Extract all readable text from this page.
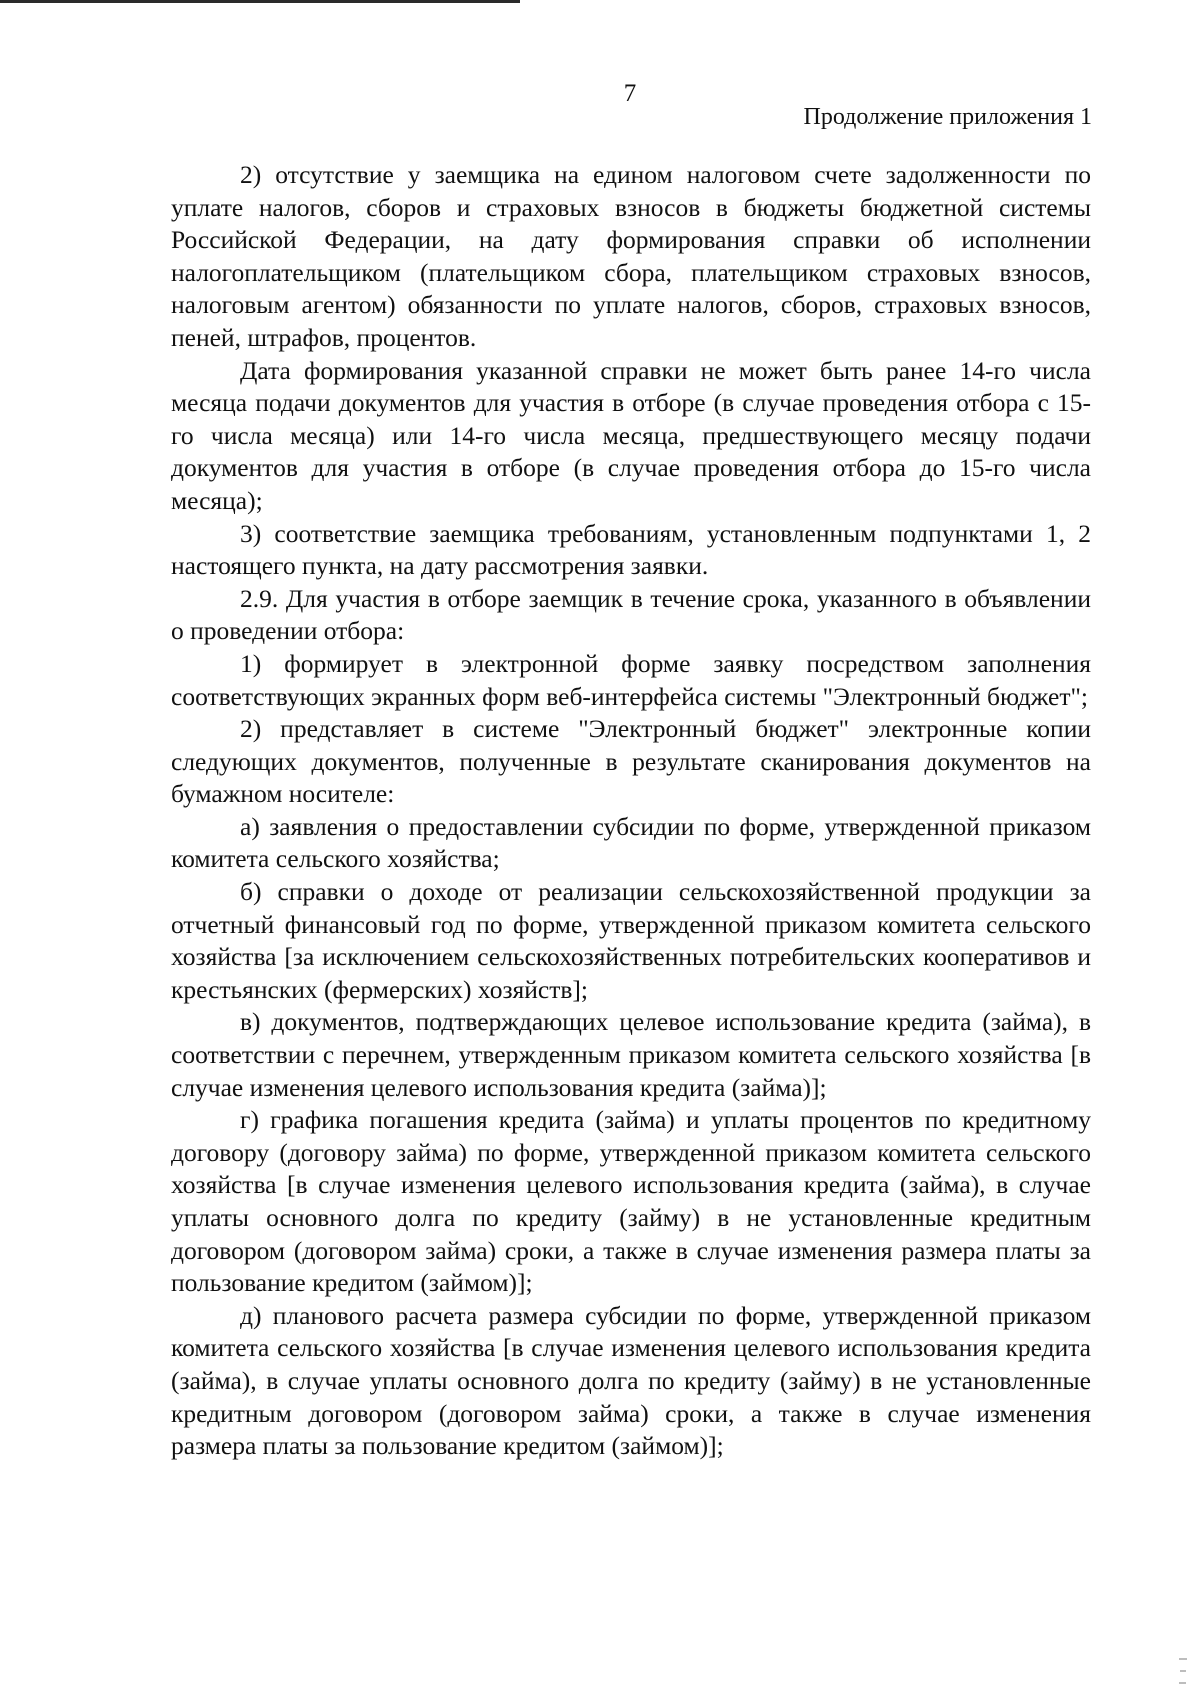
7
Продолжение приложения 1

2) отсутствие у заемщика на едином налоговом счете задолженности по уплате налогов, сборов и страховых взносов в бюджеты бюджетной системы Российской Федерации, на дату формирования справки об исполнении налогоплательщиком (плательщиком сбора, плательщиком страховых взносов, налоговым агентом) обязанности по уплате налогов, сборов, страховых взносов, пеней, штрафов, процентов.

Дата формирования указанной справки не может быть ранее 14-го числа месяца подачи документов для участия в отборе (в случае проведения отбора с 15-го числа месяца) или 14-го числа месяца, предшествующего месяцу подачи документов для участия в отборе (в случае проведения отбора до 15-го числа месяца);

3) соответствие заемщика требованиям, установленным подпунктами 1, 2 настоящего пункта, на дату рассмотрения заявки.

2.9. Для участия в отборе заемщик в течение срока, указанного в объявлении о проведении отбора:

1) формирует в электронной форме заявку посредством заполнения соответствующих экранных форм веб-интерфейса системы "Электронный бюджет";

2) представляет в системе "Электронный бюджет" электронные копии следующих документов, полученные в результате сканирования документов на бумажном носителе:

а) заявления о предоставлении субсидии по форме, утвержденной приказом комитета сельского хозяйства;

б) справки о доходе от реализации сельскохозяйственной продукции за отчетный финансовый год по форме, утвержденной приказом комитета сельского хозяйства [за исключением сельскохозяйственных потребительских кооперативов и крестьянских (фермерских) хозяйств];

в) документов, подтверждающих целевое использование кредита (займа), в соответствии с перечнем, утвержденным приказом комитета сельского хозяйства [в случае изменения целевого использования кредита (займа)];

г) графика погашения кредита (займа) и уплаты процентов по кредитному договору (договору займа) по форме, утвержденной приказом комитета сельского хозяйства [в случае изменения целевого использования кредита (займа), в случае уплаты основного долга по кредиту (займу) в не установленные кредитным договором (договором займа) сроки, а также в случае изменения размера платы за пользование кредитом (займом)];

д) планового расчета размера субсидии по форме, утвержденной приказом комитета сельского хозяйства [в случае изменения целевого использования кредита (займа), в случае уплаты основного долга по кредиту (займу) в не установленные кредитным договором (договором займа) сроки, а также в случае изменения размера платы за пользование кредитом (займом)];
